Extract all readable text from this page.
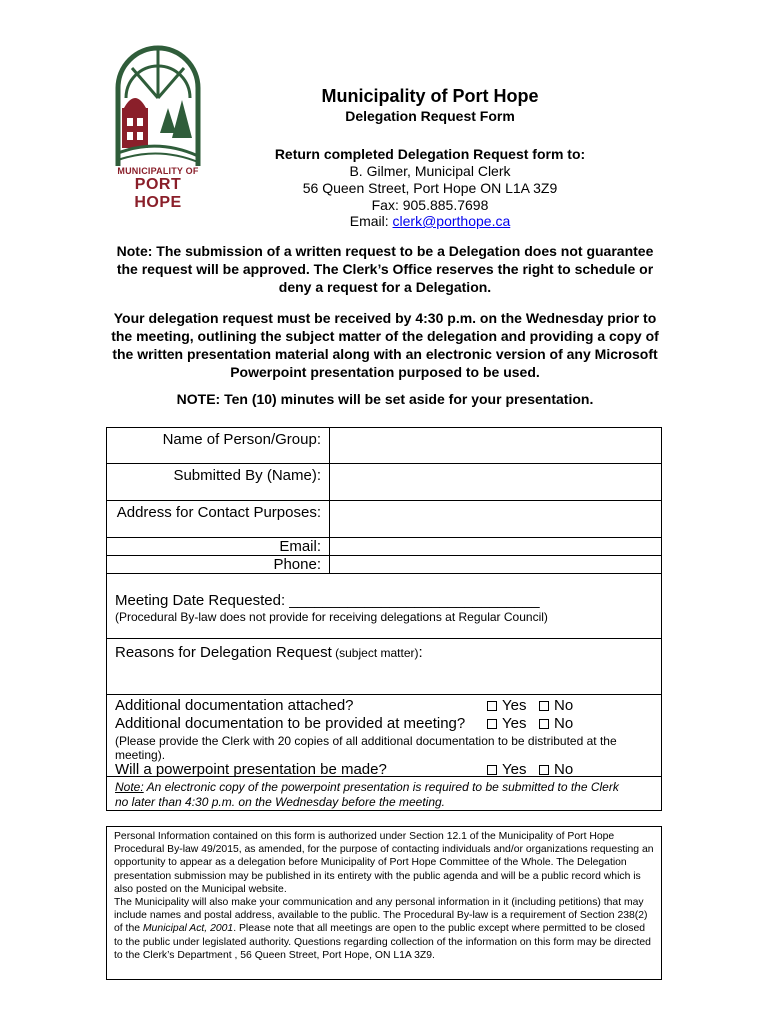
MUNICIPALITY OF
PORT HOPE
Municipality of Port Hope
Delegation Request Form
Return completed Delegation Request form to:
B. Gilmer, Municipal Clerk
56 Queen Street, Port Hope ON L1A 3Z9
Fax: 905.885.7698
Email: clerk@porthope.ca
Note: The submission of a written request to be a Delegation does not guarantee
the request will be approved. The Clerk’s Office reserves the right to schedule or
deny a request for a Delegation.
Your delegation request must be received by 4:30 p.m. on the Wednesday prior to
the meeting, outlining the subject matter of the delegation and providing a copy of
the written presentation material along with an electronic version of any Microsoft
Powerpoint presentation purposed to be used.
NOTE: Ten (10) minutes will be set aside for your presentation.
Name of Person/Group:
Submitted By (Name):
Address for Contact Purposes:
Email:
Phone:
Meeting Date Requested: ______________________________
(Procedural By-law does not provide for receiving delegations at Regular Council)
Reasons for Delegation Request (subject matter):
Additional documentation attached?	Yes No
Additional documentation to be provided at meeting?	Yes No
(Please provide the Clerk with 20 copies of all additional documentation to be distributed at the
meeting).
Will a powerpoint presentation be made?	Yes No
Note: An electronic copy of the powerpoint presentation is required to be submitted to the Clerk
no later than 4:30 p.m. on the Wednesday before the meeting.
Personal Information contained on this form is authorized under Section 12.1 of the Municipality of Port Hope Procedural By-law 49/2015, as amended, for the purpose of contacting individuals and/or organizations requesting an opportunity to appear as a delegation before Municipality of Port Hope Committee of the Whole. The Delegation presentation submission may be published in its entirety with the public agenda and will be a public record which is also posted on the Municipal website.
The Municipality will also make your communication and any personal information in it (including petitions) that may include names and postal address, available to the public. The Procedural By-law is a requirement of Section 238(2) of the Municipal Act, 2001. Please note that all meetings are open to the public except where permitted to be closed to the public under legislated authority. Questions regarding collection of the information on this form may be directed to the Clerk’s Department , 56 Queen Street, Port Hope, ON L1A 3Z9.
